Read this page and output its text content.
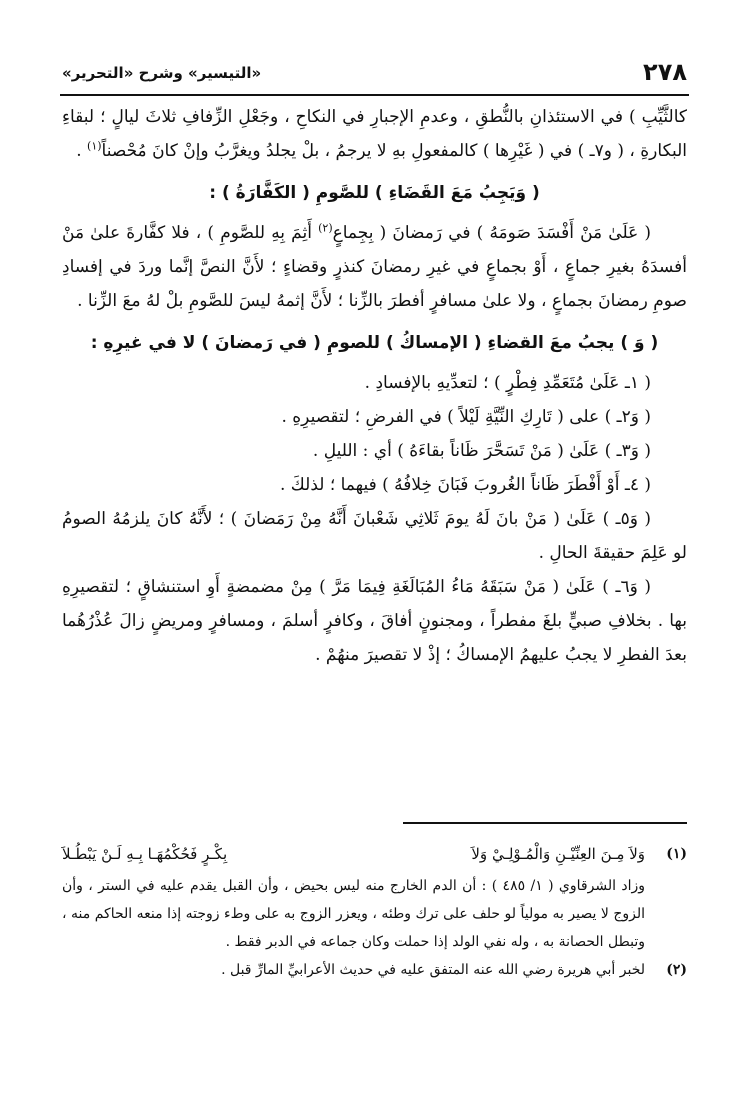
٢٧٨
«التيسير» وشرح «التحرير»

كالثَّيِّبِ ) في الاستئذانِ بالنُّطقِ ، وعدمِ الإجبارِ في النكاحِ ، وجَعْلِ الزِّفافِ ثلاثَ ليالٍ ؛ لبقاءِ البكارةِ ، ( و٧ـ ) في ( غَيْرِها ) كالمفعولِ بهِ لا يرجمُ ، بلْ يجلدُ ويغرَّبُ وإنْ كانَ مُحْصناً$^{(١)}$ .

( وَيَجِبُ مَعَ القَضَاءِ ) للصَّومِ ( الكَفَّارَةُ ) :

( عَلَىٰ مَنْ أَفْسَدَ صَومَهُ ) في رَمضانَ ( بِجِماعٍ$^{(٢)}$ أَثِمَ بِهِ للصَّومِ ) ، فلا كفَّارةَ علىٰ مَنْ أفسدَهُ بغيرِ جماعٍ ، أَوْ بجماعٍ في غيرِ رمضانَ كنذرٍ وقضاءٍ ؛ لأَنَّ النصَّ إنَّما وردَ في إفسادِ صومِ رمضانَ بجماعٍ ، ولا علىٰ مسافرٍ أفطرَ بالزِّنا ؛ لأَنَّ إثمهُ ليسَ للصَّومِ بلْ لهُ معَ الزِّنا .

( وَ ) يجبُ معَ القضاءِ ( الإمساكُ ) للصومِ ( في رَمضانَ ) لا في غيرِهِ :

( ١ـ عَلَىٰ مُتَعَمِّدِ فِطْرٍ ) ؛ لتعدِّيهِ بالإفسادِ .

( وَ٢ـ ) على ( تَارِكِ النِّيَّةِ لَيْلاً ) في الفرضِ ؛ لتقصيرِهِ .

( وَ٣ـ ) عَلَىٰ ( مَنْ تَسَحَّرَ ظَاناً بقاءَهُ ) أي : الليلِ .

( ٤ـ أَوْ أَفْطَرَ ظَاناً الغُروبَ فَبَانَ خِلافُهُ ) فيهما ؛ لذلكَ .

( وَ٥ـ ) عَلَىٰ ( مَنْ بانَ لَهُ يومَ ثَلاثِي شَعْبانَ أَنَّهُ مِنْ رَمَضانَ ) ؛ لأَنَّهُ كانَ يلزمُهُ الصومُ لو عَلِمَ حقيقةَ الحالِ .

( وَ٦ـ ) عَلَىٰ ( مَنْ سَبَقَهُ مَاءُ المُبَالَغَةِ فِيمَا مَرَّ ) مِنْ مضمضةٍ أَوِ استنشاقٍ ؛ لتقصيرِهِ بها . بخلافِ صبيٍّ بلغَ مفطراً ، ومجنونٍ أفاقَ ، وكافرٍ أسلمَ ، ومسافرٍ ومريضٍ زالَ عُذْرُهُما بعدَ الفطرِ لا يجبُ عليهمُ الإمساكُ ؛ إذْ لا تقصيرَ منهُمْ .

(١)
وَلاَ مِـنَ العِنِّيْـنِ وَالْمُـوْلِـيْ وَلاَ
بِكْـرٍ فَحُكْمُهَـا بِـهِ لَـنْ يَبْطُـلاَ

وزاد الشرقاوي ( ١/ ٤٨٥ ) : أن الدم الخارج منه ليس بحيض ، وأن القبل يقدم عليه في الستر ، وأن الزوج لا يصير به مولياً لو حلف على ترك وطئه ، ويعزر الزوج به على وطء زوجته إذا منعه الحاكم منه ، وتبطل الحصانة به ، وله نفي الولد إذا حملت وكان جماعه في الدبر فقط .

(٢)
لخبر أبي هريرة رضي الله عنه المتفق عليه في حديث الأعرابيِّ المارِّ قبل .
